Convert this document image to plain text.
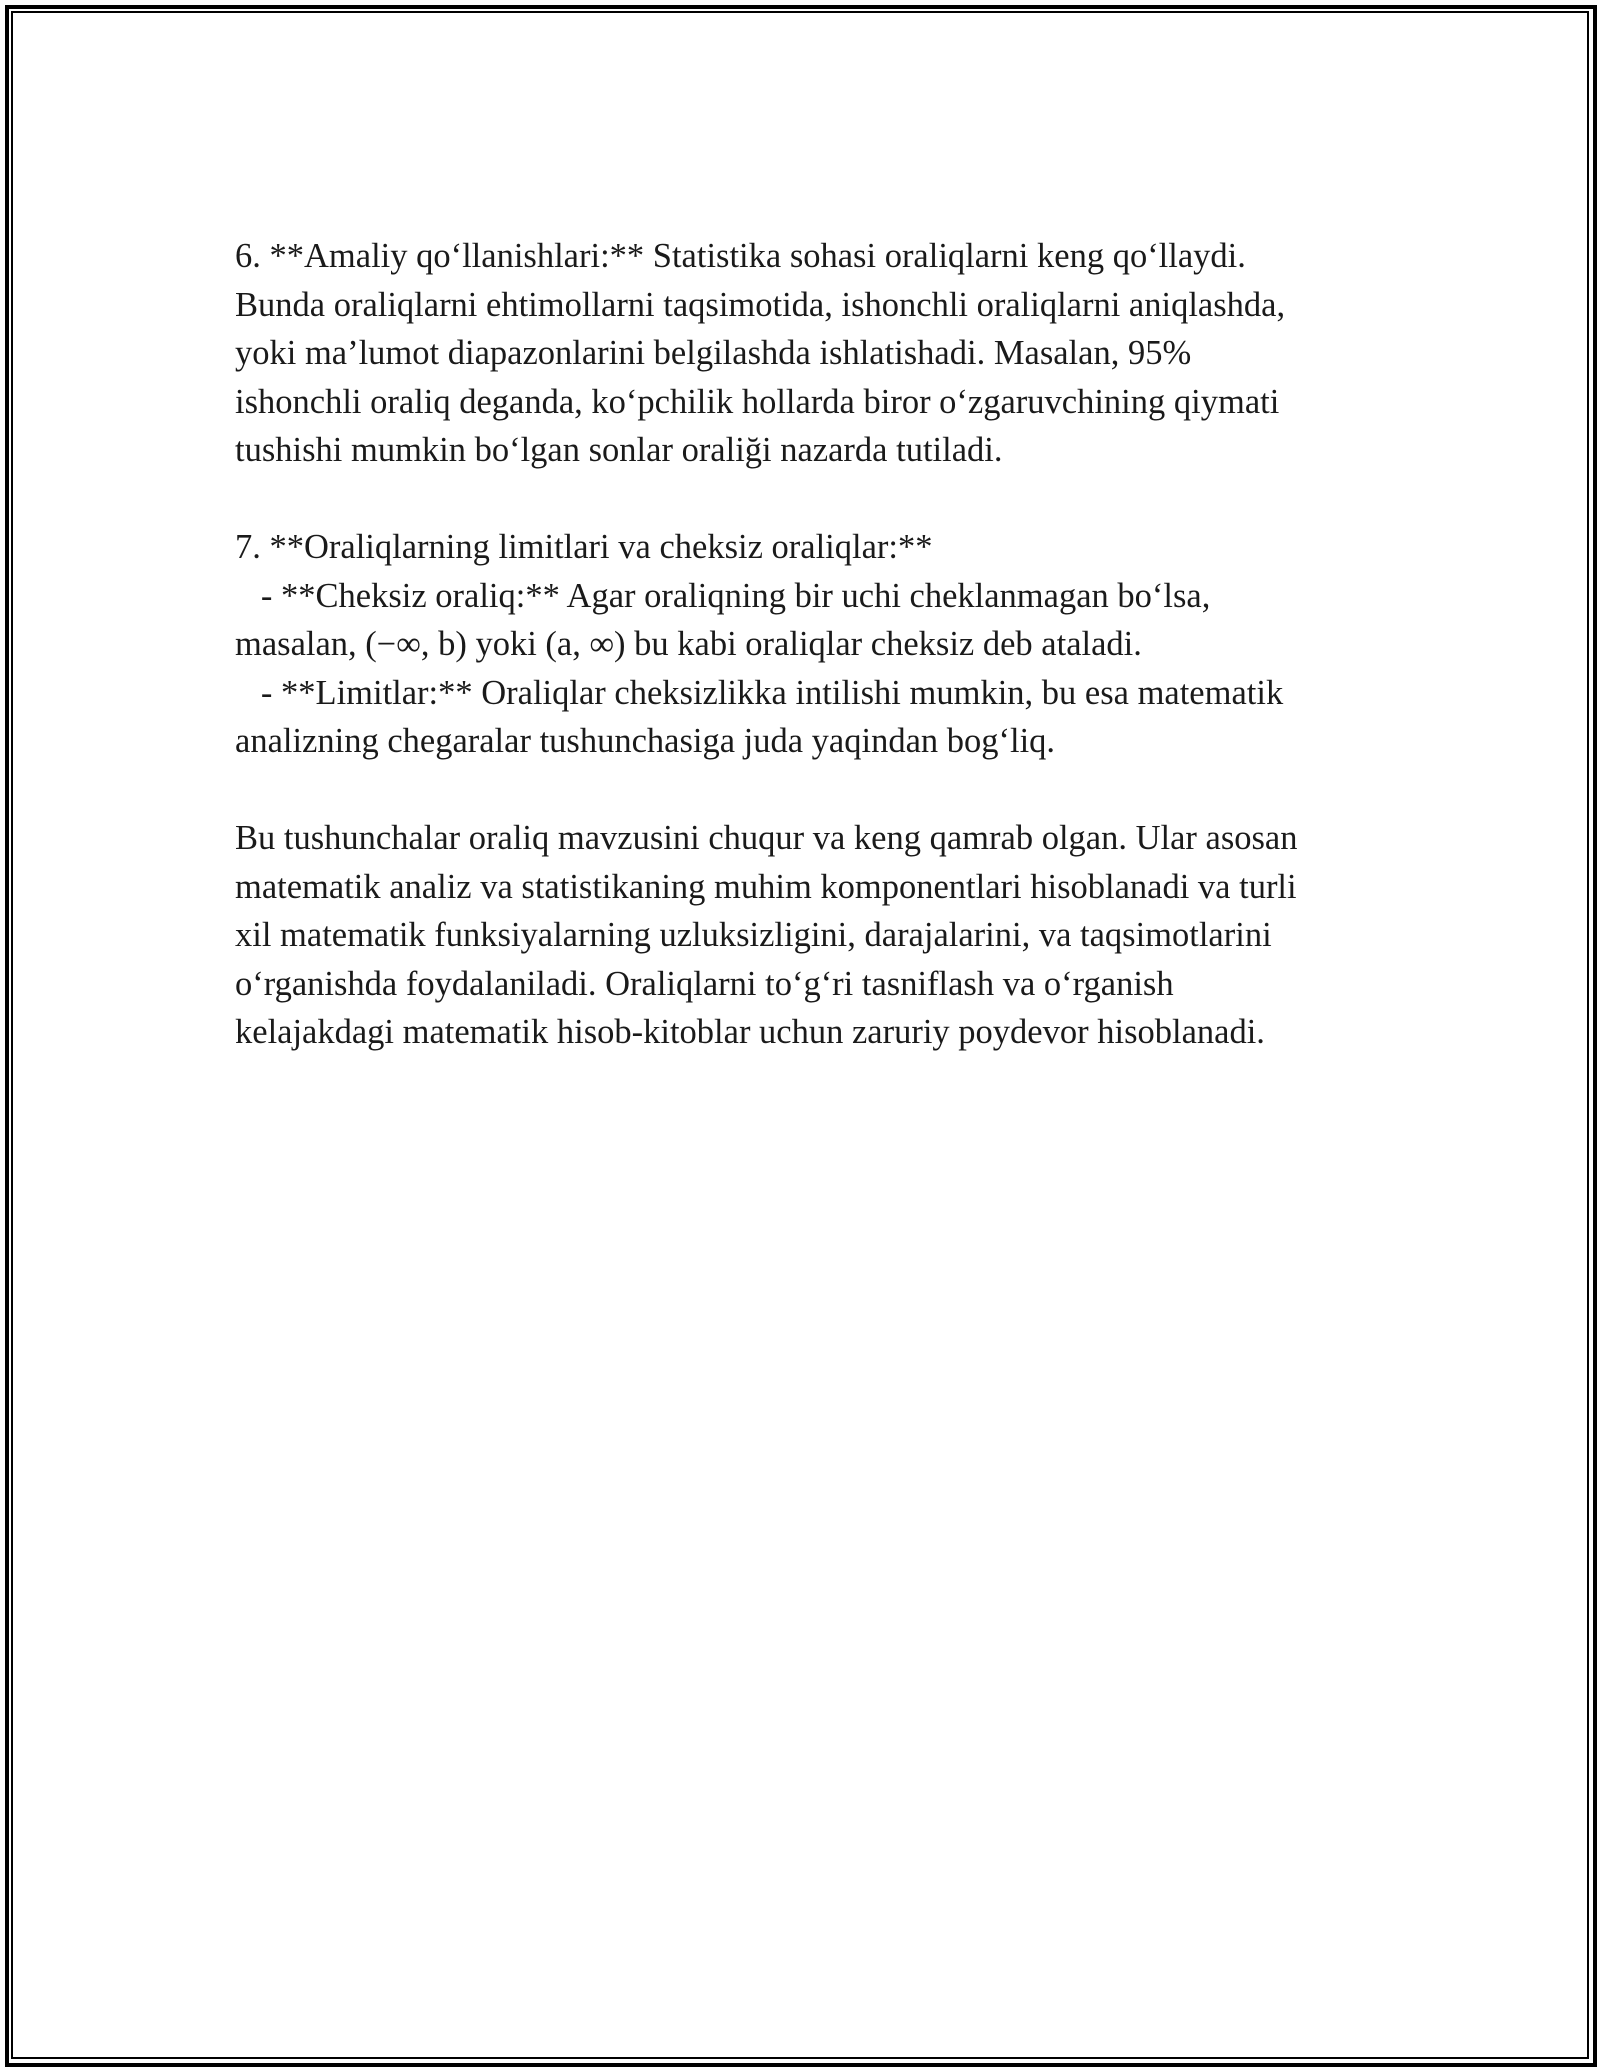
6. **Amaliy qo‘llanishlari:** Statistika sohasi oraliqlarni keng qo‘llaydi.
Bunda oraliqlarni ehtimollarni taqsimotida, ishonchli oraliqlarni aniqlashda,
yoki ma’lumot diapazonlarini belgilashda ishlatishadi. Masalan, 95%
ishonchli oraliq deganda, ko‘pchilik hollarda biror o‘zgaruvchining qiymati
tushishi mumkin bo‘lgan sonlar oraliği nazarda tutiladi.

7. **Oraliqlarning limitlari va cheksiz oraliqlar:**
- **Cheksiz oraliq:** Agar oraliqning bir uchi cheklanmagan bo‘lsa,
masalan, (−∞, b) yoki (a, ∞) bu kabi oraliqlar cheksiz deb ataladi.
- **Limitlar:** Oraliqlar cheksizlikka intilishi mumkin, bu esa matematik
analizning chegaralar tushunchasiga juda yaqindan bog‘liq.

Bu tushunchalar oraliq mavzusini chuqur va keng qamrab olgan. Ular asosan
matematik analiz va statistikaning muhim komponentlari hisoblanadi va turli
xil matematik funksiyalarning uzluksizligini, darajalarini, va taqsimotlarini
o‘rganishda foydalaniladi. Oraliqlarni to‘g‘ri tasniflash va o‘rganish
kelajakdagi matematik hisob-kitoblar uchun zaruriy poydevor hisoblanadi.
